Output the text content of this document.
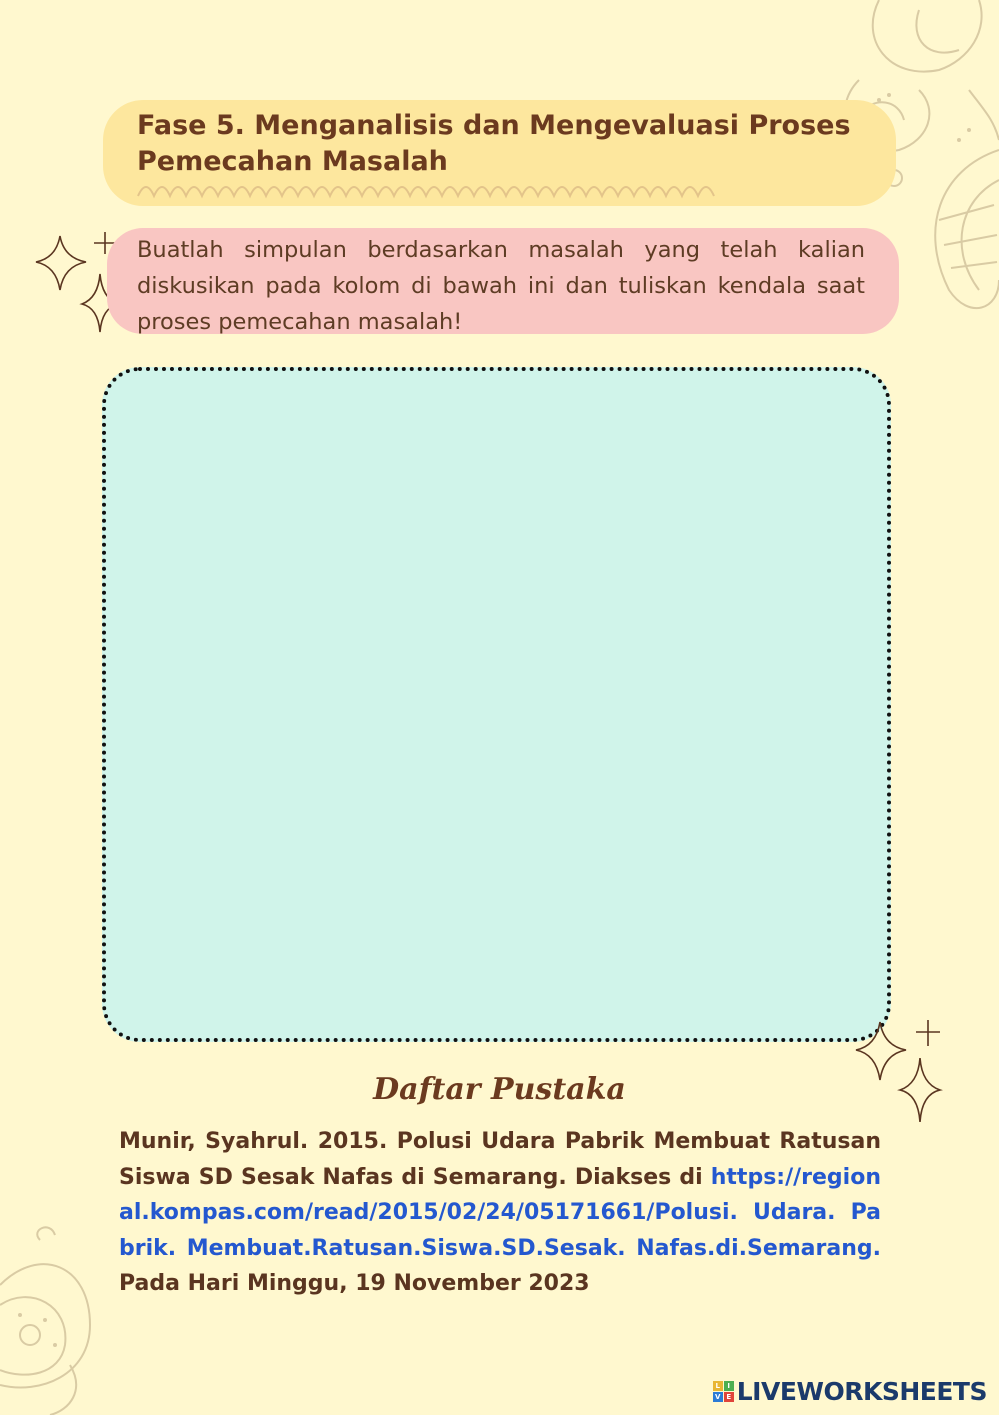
Fase 5. Menganalisis dan Mengevaluasi Proses Pemecahan Masalah

Buatlah simpulan berdasarkan masalah yang telah kalian diskusikan pada kolom di bawah ini dan tuliskan kendala saat proses pemecahan masalah!

Daftar Pustaka

Munir, Syahrul. 2015. Polusi Udara Pabrik Membuat Ratusan Siswa SD Sesak Nafas di Semarang. Diakses di https://regional.kompas.com/read/2015/02/24/05171661/Polusi. Udara. Pabrik. Membuat.Ratusan.Siswa.SD.Sesak. Nafas.di.Semarang. Pada Hari Minggu, 19 November 2023

L	I
V E LIVEWORKSHEETS
